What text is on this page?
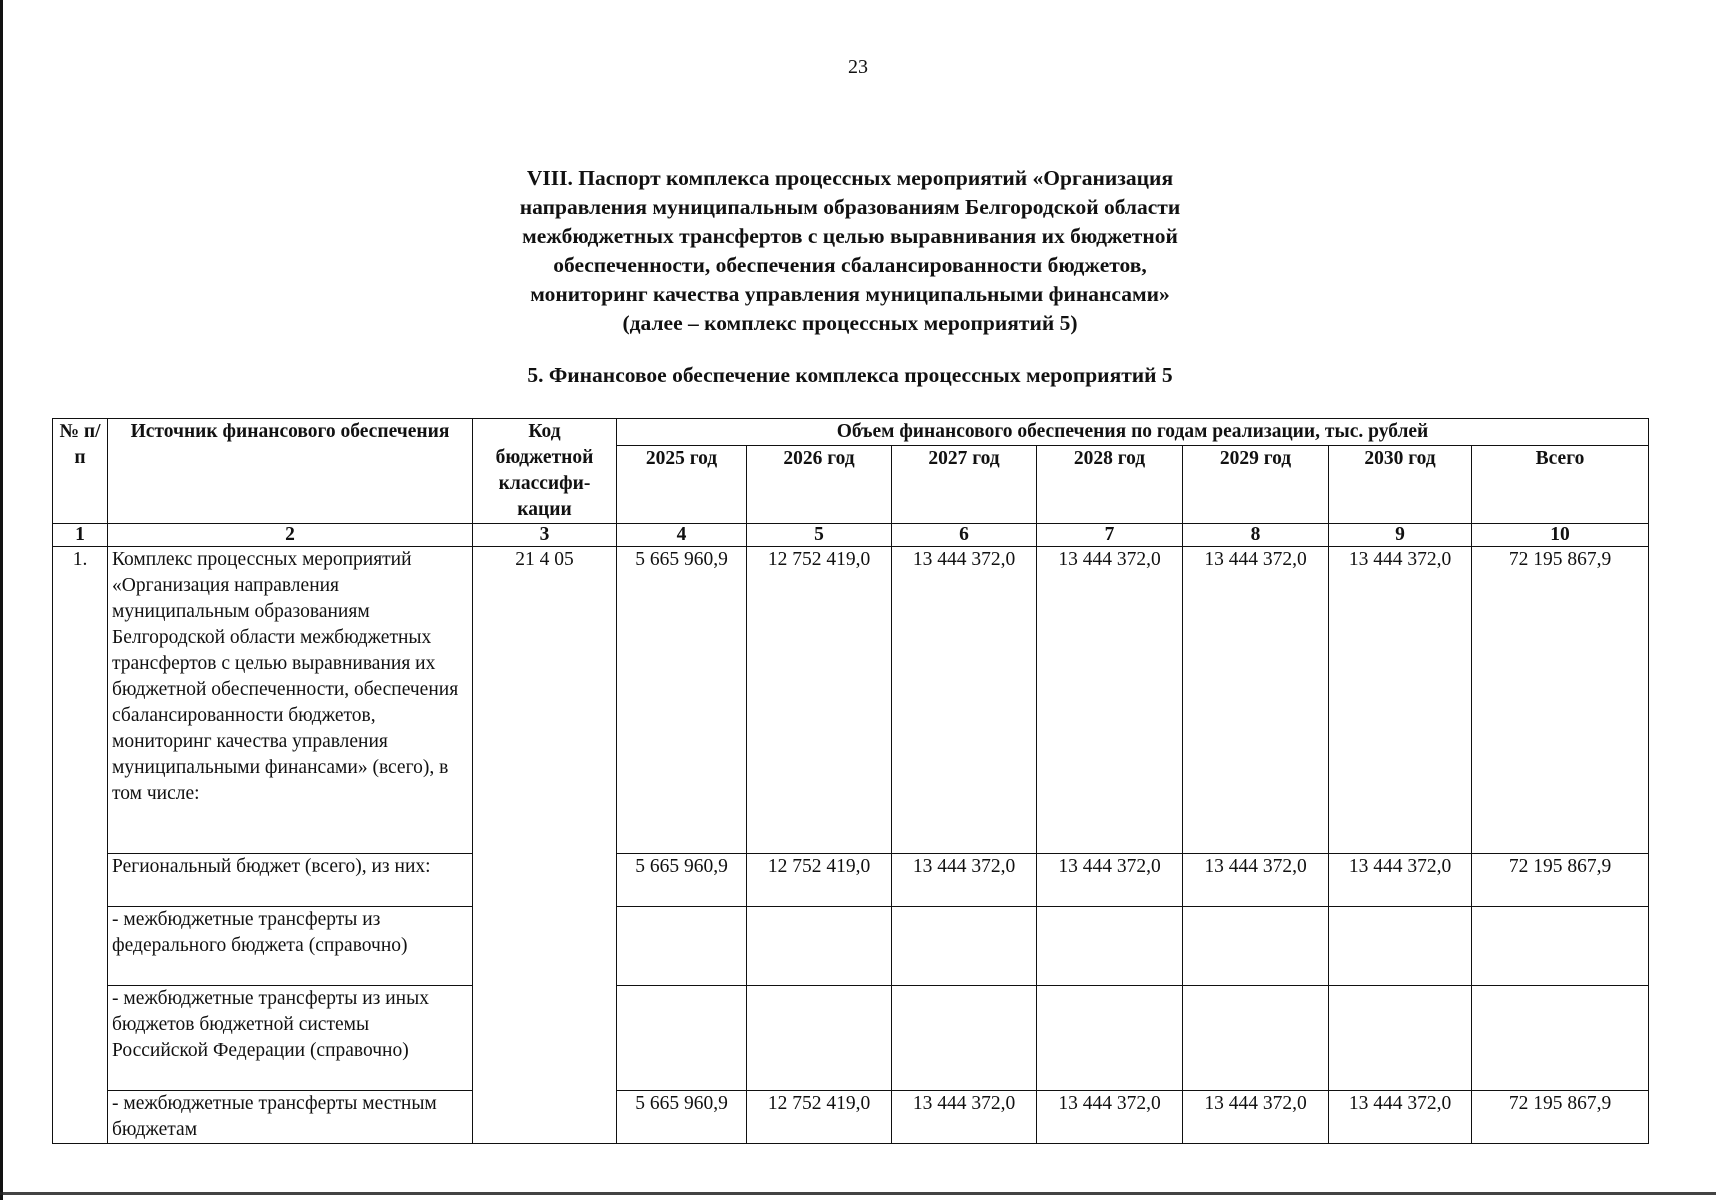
23
VIII. Паспорт комплекса процессных мероприятий «Организация
направления муниципальным образованиям Белгородской области
межбюджетных трансфертов с целью выравнивания их бюджетной
обеспеченности, обеспечения сбалансированности бюджетов,
мониторинг качества управления муниципальными финансами»
(далее – комплекс процессных мероприятий 5)
5. Финансовое обеспечение комплекса процессных мероприятий 5
№ п/п	Источник финансового обеспечения	Код
бюджетной
классифи-
кации	Объем финансового обеспечения по годам реализации, тыс. рублей						
			2025 год	2026 год	2027 год	2028 год	2029 год	2030 год	Всего
1	2	3	4	5	6	7	8	9	10
1.	Комплекс процессных мероприятий «Организация направления муниципальным образованиям Белгородской области межбюджетных трансфертов с целью выравнивания их бюджетной обеспеченности, обеспечения сбалансированности бюджетов, мониторинг качества управления муниципальными финансами» (всего), в том числе:	21 4 05	5 665 960,9	12 752 419,0	13 444 372,0	13 444 372,0	13 444 372,0	13 444 372,0	72 195 867,9
	Региональный бюджет (всего), из них:		5 665 960,9	12 752 419,0	13 444 372,0	13 444 372,0	13 444 372,0	13 444 372,0	72 195 867,9
	- межбюджетные трансферты из федерального бюджета (справочно)								
	- межбюджетные трансферты из иных бюджетов бюджетной системы Российской Федерации (справочно)								
	- межбюджетные трансферты местным бюджетам		5 665 960,9	12 752 419,0	13 444 372,0	13 444 372,0	13 444 372,0	13 444 372,0	72 195 867,9
